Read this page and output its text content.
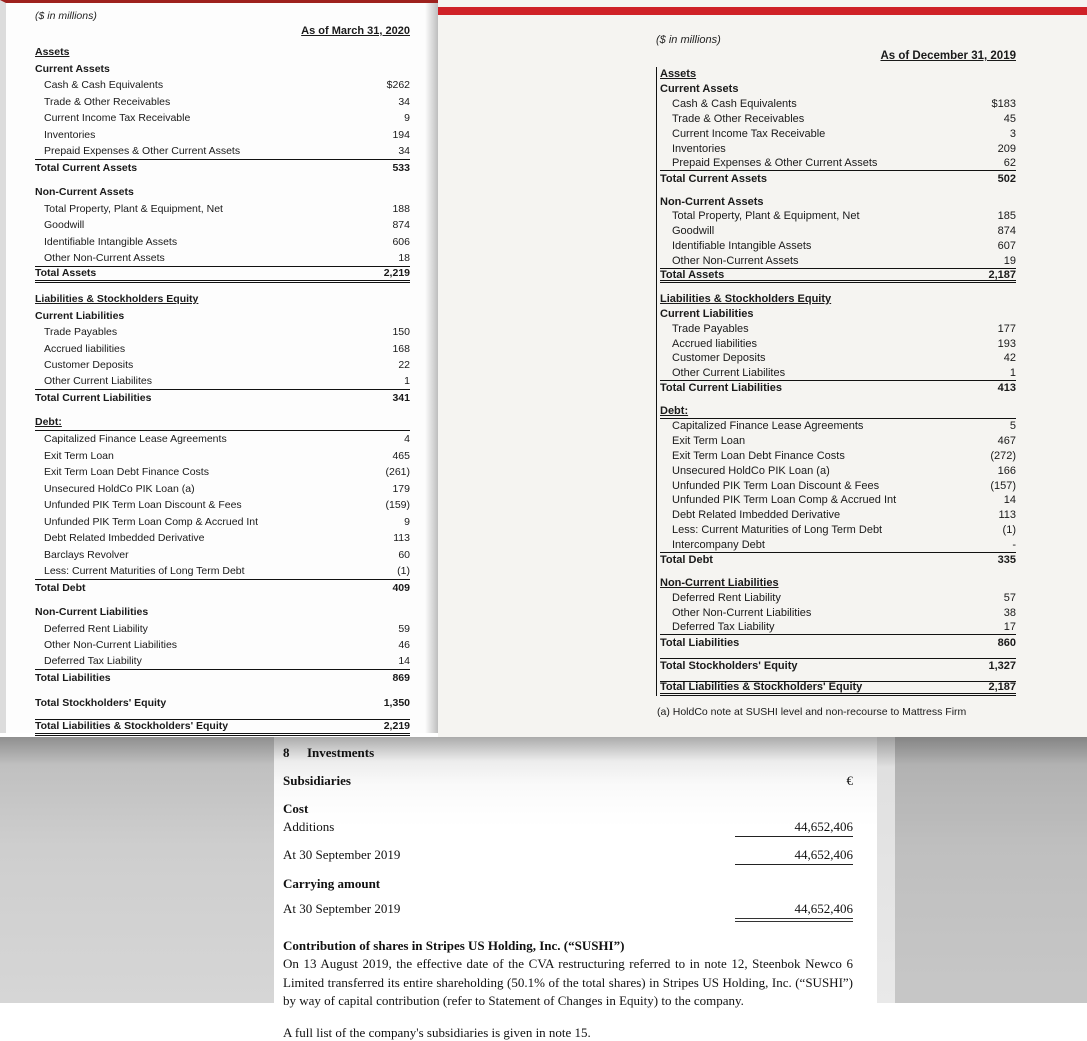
($ in millions)
As of March 31, 2020
Assets
Current Assets
Cash & Cash Equivalents	$262
Trade & Other Receivables	34
Current Income Tax Receivable	9
Inventories	194
Prepaid Expenses & Other Current Assets	34
Total Current Assets	533
Non-Current Assets
Total Property, Plant & Equipment, Net	188
Goodwill	874
Identifiable Intangible Assets	606
Other Non-Current Assets	18
Total Assets	2,219
Liabilities & Stockholders Equity
Current Liabilities
Trade Payables	150
Accrued liabilities	168
Customer Deposits	22
Other Current Liabilites	1
Total Current Liabilities	341
Debt:
Capitalized Finance Lease Agreements	4
Exit Term Loan	465
Exit Term Loan Debt Finance Costs	(261)
Unsecured HoldCo PIK Loan (a)	179
Unfunded PIK Term Loan Discount & Fees	(159)
Unfunded PIK Term Loan Comp & Accrued Int	9
Debt Related Imbedded Derivative	113
Barclays Revolver	60
Less: Current Maturities of Long Term Debt	(1)
Total Debt	409
Non-Current Liabilities
Deferred Rent Liability	59
Other Non-Current Liabilities	46
Deferred Tax Liability	14
Total Liabilities	869
Total Stockholders' Equity	1,350
Total Liabilities & Stockholders' Equity	2,219
($ in millions)
As of December 31, 2019
Assets
Current Assets
Cash & Cash Equivalents	$183
Trade & Other Receivables	45
Current Income Tax Receivable	3
Inventories	209
Prepaid Expenses & Other Current Assets	62
Total Current Assets	502
Non-Current Assets
Total Property, Plant & Equipment, Net	185
Goodwill	874
Identifiable Intangible Assets	607
Other Non-Current Assets	19
Total Assets	2,187
Liabilities & Stockholders Equity
Current Liabilities
Trade Payables	177
Accrued liabilities	193
Customer Deposits	42
Other Current Liabilites	1
Total Current Liabilities	413
Debt:
Capitalized Finance Lease Agreements	5
Exit Term Loan	467
Exit Term Loan Debt Finance Costs	(272)
Unsecured HoldCo PIK Loan (a)	166
Unfunded PIK Term Loan Discount & Fees	(157)
Unfunded PIK Term Loan Comp & Accrued Int	14
Debt Related Imbedded Derivative	113
Less: Current Maturities of Long Term Debt	(1)
Intercompany Debt	-
Total Debt	335
Non-Current Liabilities
Deferred Rent Liability	57
Other Non-Current Liabilities	38
Deferred Tax Liability	17
Total Liabilities	860
Total Stockholders' Equity	1,327
Total Liabilities & Stockholders' Equity	2,187
(a) HoldCo note at SUSHI level and non-recourse to Mattress Firm
8 Investments
Subsidiaries	€
Cost
Additions	44,652,406
At 30 September 2019	44,652,406
Carrying amount
At 30 September 2019	44,652,406
Contribution of shares in Stripes US Holding, Inc. (“SUSHI”)
On 13 August 2019, the effective date of the CVA restructuring referred to in note 12, Steenbok Newco 6 Limited transferred its entire shareholding (50.1% of the total shares) in Stripes US Holding, Inc. (“SUSHI”) by way of capital contribution (refer to Statement of Changes in Equity) to the company.
A full list of the company's subsidiaries is given in note 15.
